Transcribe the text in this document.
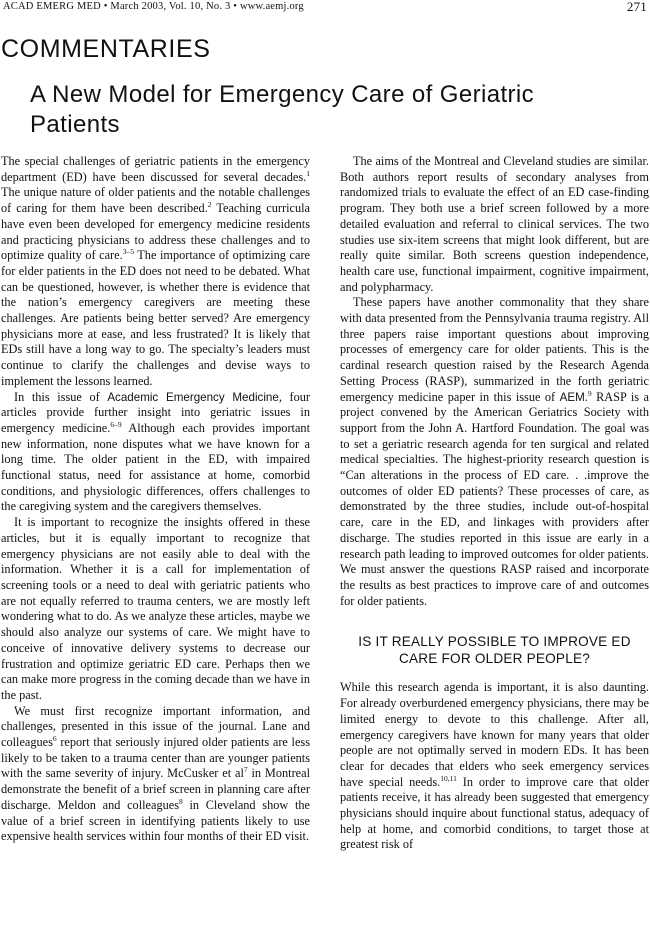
ACAD EMERG MED • March 2003, Vol. 10, No. 3 • www.aemj.org	271
COMMENTARIES
A New Model for Emergency Care of Geriatric Patients

The special challenges of geriatric patients in the emergency department (ED) have been discussed for several decades.$^1$ The unique nature of older patients and the notable challenges of caring for them have been described.$^2$ Teaching curricula have even been developed for emergency medicine residents and practicing physicians to address these challenges and to optimize quality of care.$^{3-5}$ The importance of optimizing care for elder patients in the ED does not need to be debated. What can be questioned, however, is whether there is evidence that the nation’s emergency caregivers are meeting these challenges. Are patients being better served? Are emergency physicians more at ease, and less frustrated? It is likely that EDs still have a long way to go. The specialty’s leaders must continue to clarify the challenges and devise ways to implement the lessons learned.

In this issue of Academic Emergency Medicine, four articles provide further insight into geriatric issues in emergency medicine.$^{6-9}$ Although each provides important new information, none disputes what we have known for a long time. The older patient in the ED, with impaired functional status, need for assistance at home, comorbid conditions, and physiologic differences, offers challenges to the caregiving system and the caregivers themselves.

It is important to recognize the insights offered in these articles, but it is equally important to recognize that emergency physicians are not easily able to deal with the information. Whether it is a call for implementation of screening tools or a need to deal with geriatric patients who are not equally referred to trauma centers, we are mostly left wondering what to do. As we analyze these articles, maybe we should also analyze our systems of care. We might have to conceive of innovative delivery systems to decrease our frustration and optimize geriatric ED care. Perhaps then we can make more progress in the coming decade than we have in the past.

We must first recognize important information, and challenges, presented in this issue of the journal. Lane and colleagues$^6$ report that seriously injured older patients are less likely to be taken to a trauma center than are younger patients with the same severity of injury. McCusker et $al^7$ in Montreal demonstrate the benefit of a brief screen in planning care after discharge. Meldon and colleagues$^8$ in Cleveland show the value of a brief screen in identifying patients likely to use expensive health services within four months of their ED visit.

The aims of the Montreal and Cleveland studies are similar. Both authors report results of secondary analyses from randomized trials to evaluate the effect of an ED case-finding program. They both use a brief screen followed by a more detailed evaluation and referral to clinical services. The two studies use six-item screens that might look different, but are really quite similar. Both screens question independence, health care use, functional impairment, cognitive impairment, and polypharmacy.

These papers have another commonality that they share with data presented from the Pennsylvania trauma registry. All three papers raise important questions about improving processes of emergency care for older patients. This is the cardinal research question raised by the Research Agenda Setting Process (RASP), summarized in the forth geriatric emergency medicine paper in this issue of AEM.$^9$ RASP is a project convened by the American Geriatrics Society with support from the John A. Hartford Foundation. The goal was to set a geriatric research agenda for ten surgical and related medical specialties. The highest-priority research question is “Can alterations in the process of ED care. . .improve the outcomes of older ED patients? These processes of care, as demonstrated by the three studies, include out-of-hospital care, care in the ED, and linkages with providers after discharge. The studies reported in this issue are early in a research path leading to improved outcomes for older patients. We must answer the questions RASP raised and incorporate the results as best practices to improve care of and outcomes for older patients.

IS IT REALLY POSSIBLE TO IMPROVE ED CARE FOR OLDER PEOPLE?

While this research agenda is important, it is also daunting. For already overburdened emergency physicians, there may be limited energy to devote to this challenge. After all, emergency caregivers have known for many years that older people are not optimally served in modern EDs. It has been clear for decades that elders who seek emergency services have special needs.$^{10,11}$ In order to improve care that older patients receive, it has already been suggested that emergency physicians should inquire about functional status, adequacy of help at home, and comorbid conditions, to target those at greatest risk of
